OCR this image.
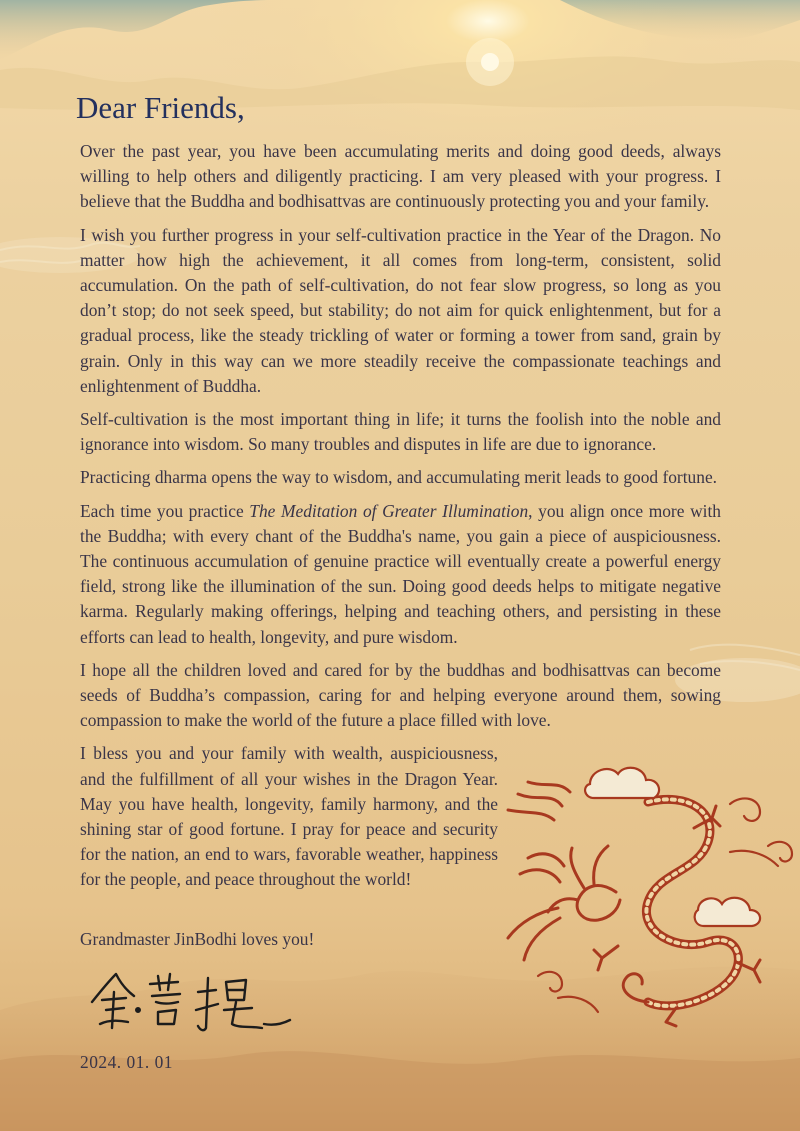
Dear Friends,

Over the past year, you have been accumulating merits and doing good deeds, always willing to help others and diligently practicing. I am very pleased with your progress. I believe that the Buddha and bodhisattvas are continuously protecting you and your family.

I wish you further progress in your self-cultivation practice in the Year of the Dragon. No matter how high the achievement, it all comes from long-term, consistent, solid accumulation. On the path of self-cultivation, do not fear slow progress, so long as you don’t stop; do not seek speed, but stability; do not aim for quick enlightenment, but for a gradual process, like the steady trickling of water or forming a tower from sand, grain by grain. Only in this way can we more steadily receive the compassionate teachings and enlightenment of Buddha.

Self-cultivation is the most important thing in life; it turns the foolish into the noble and ignorance into wisdom. So many troubles and disputes in life are due to ignorance.

Practicing dharma opens the way to wisdom, and accumulating merit leads to good fortune.

Each time you practice The Meditation of Greater Illumination, you align once more with the Buddha; with every chant of the Buddha's name, you gain a piece of auspiciousness. The continuous accumulation of genuine practice will eventually create a powerful energy field, strong like the illumination of the sun. Doing good deeds helps to mitigate negative karma. Regularly making offerings, helping and teaching others, and persisting in these efforts can lead to health, longevity, and pure wisdom.

I hope all the children loved and cared for by the buddhas and bodhisattvas can become seeds of Buddha’s compassion, caring for and helping everyone around them, sowing compassion to make the world of the future a place filled with love.

I bless you and your family with wealth, auspiciousness, and the fulfillment of all your wishes in the Dragon Year. May you have health, longevity, family harmony, and the shining star of good fortune. I pray for peace and security for the nation, an end to wars, favorable weather, happiness for the people, and peace throughout the world!

Grandmaster JinBodhi loves you!

2024. 01. 01
